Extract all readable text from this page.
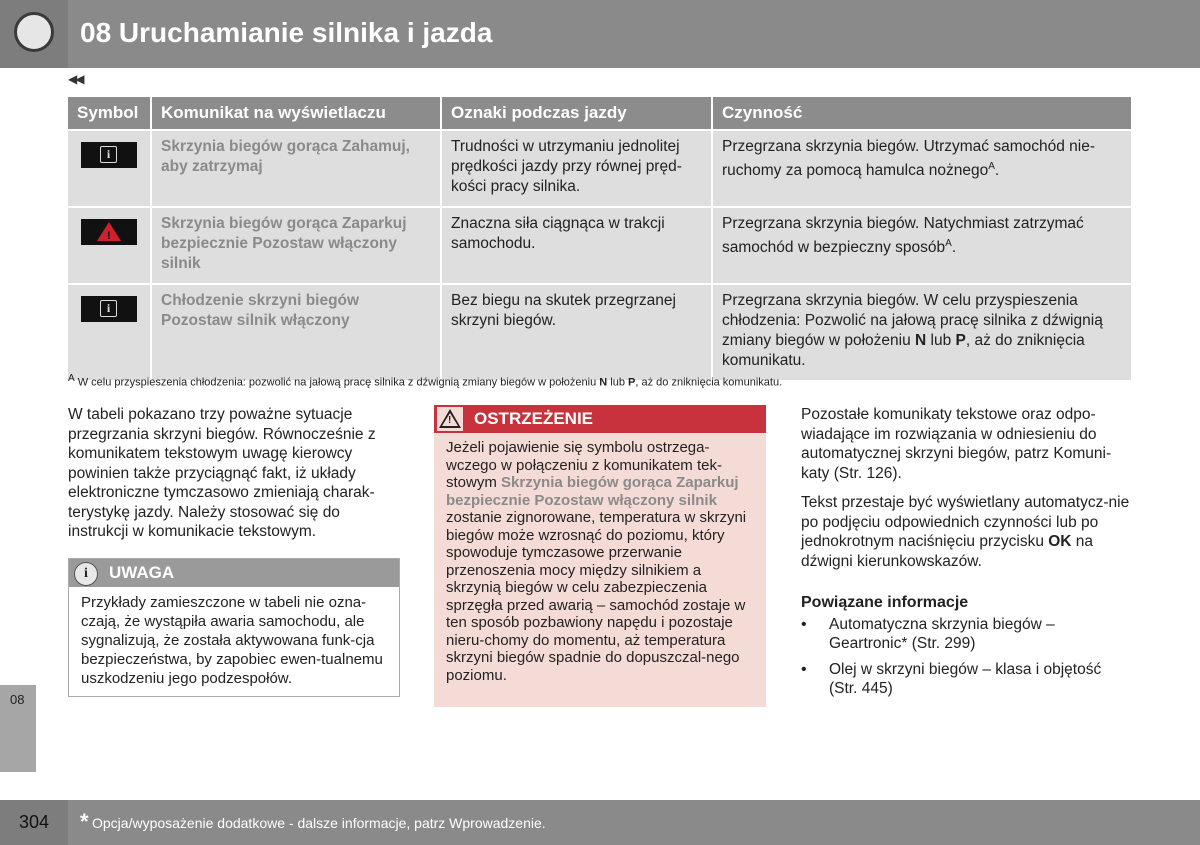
08 Uruchamianie silnika i jazda
◀◀
08
Symbol	Komunikat na wyświetlaczu	Oznaki podczas jazdy	Czynność

i	Skrzynia biegów gorąca Zahamuj, aby zatrzymaj	Trudności w utrzymaniu jednolitej prędkości jazdy przy równej pręd-kości pracy silnika.	Przegrzana skrzynia biegów. Utrzymać samochód nie-ruchomy za pomocą hamulca nożnego$^A$.

!
	Skrzynia biegów gorąca Zaparkuj bezpiecznie Pozostaw włączony silnik	Znaczna siła ciągnąca w trakcji samochodu.	Przegrzana skrzynia biegów. Natychmiast zatrzymać samochód w bezpieczny sposób$^A$.

i	Chłodzenie skrzyni biegów Pozostaw silnik włączony	Bez biegu na skutek przegrzanej skrzyni biegów.	Przegrzana skrzynia biegów. W celu przyspieszenia chłodzenia: Pozwolić na jałową pracę silnika z dźwignią zmiany biegów w położeniu N lub P, aż do zniknięcia komunikatu.
$^A$ W celu przyspieszenia chłodzenia: pozwolić na jałową pracę silnika z dźwignią zmiany biegów w położeniu N lub P, aż do zniknięcia komunikatu.
W tabeli pokazano trzy poważne sytuacje przegrzania skrzyni biegów. Równocześnie z komunikatem tekstowym uwagę kierowcy powinien także przyciągnąć fakt, iż układy elektroniczne tymczasowo zmieniają charak-terystykę jazdy. Należy stosować się do instrukcji w komunikacie tekstowym.
i	UWAGA
Przykłady zamieszczone w tabeli nie ozna-czają, że wystąpiła awaria samochodu, ale sygnalizują, że została aktywowana funk-cja bezpieczeństwa, by zapobiec ewen-tualnemu uszkodzeniu jego podzespołów.
! OSTRZEŻENIE
Jeżeli pojawienie się symbolu ostrzega-wczego w połączeniu z komunikatem tek-stowym Skrzynia biegów gorąca Zaparkuj bezpiecznie Pozostaw włączony silnik zostanie zignorowane, temperatura w skrzyni biegów może wzrosnąć do poziomu, który spowoduje tymczasowe przerwanie przenoszenia mocy między silnikiem a skrzynią biegów w celu zabezpieczenia sprzęgła przed awarią – samochód zostaje w ten sposób pozbawiony napędu i pozostaje nieru-chomy do momentu, aż temperatura skrzyni biegów spadnie do dopuszczal-nego poziomu.

Pozostałe komunikaty tekstowe oraz odpo-wiadające im rozwiązania w odniesieniu do automatycznej skrzyni biegów, patrz Komuni-katy (Str. 126).

Tekst przestaje być wyświetlany automatycz-nie po podjęciu odpowiednich czynności lub po jednokrotnym naciśnięciu przycisku OK na dźwigni kierunkowskazów.

Powiązane informacje
• Automatyczna skrzynia biegów – Geartronic* (Str. 299)
• Olej w skrzyni biegów – klasa i objętość (Str. 445)
304 * Opcja/wyposażenie dodatkowe - dalsze informacje, patrz Wprowadzenie.
